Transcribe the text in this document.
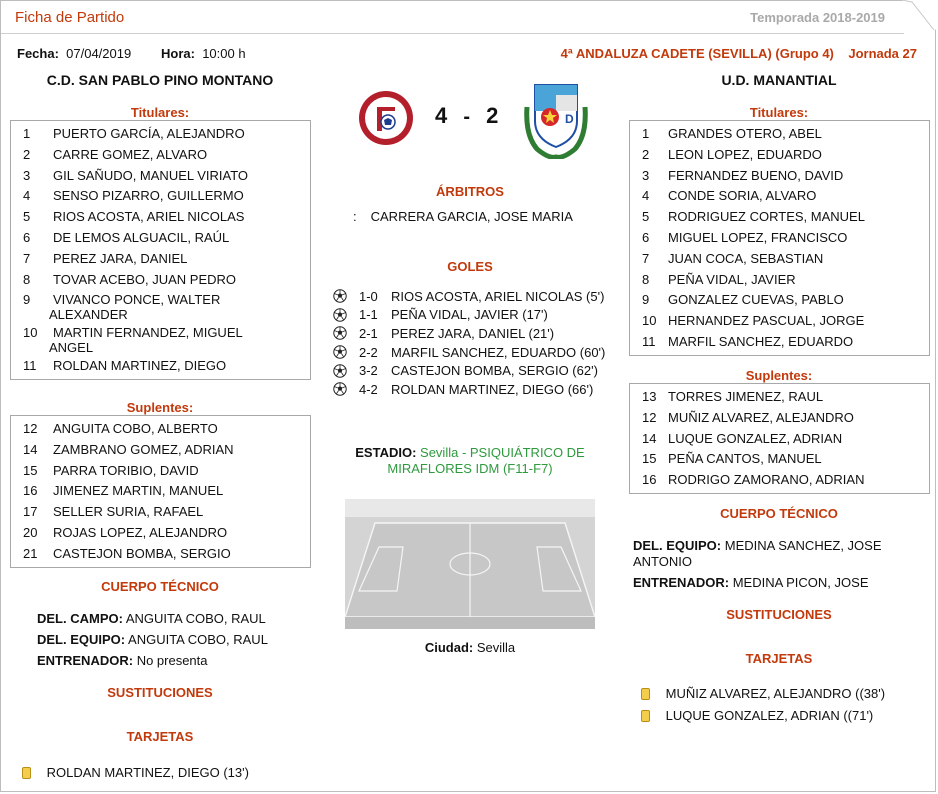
Ficha de Partido	Temporada 2018-2019
Fecha: 07/04/2019 Hora: 10:00 h	4ª ANDALUZA CADETE (SEVILLA) (Grupo 4) Jornada 27
C.D. SAN PABLO PINO MONTANO	U.D. MANANTIAL
Titulares:
1	PUERTO GARCÍA, ALEJANDRO
2	CARRE GOMEZ, ALVARO
3	GIL SAÑUDO, MANUEL VIRIATO
4	SENSO PIZARRO, GUILLERMO
5	RIOS ACOSTA, ARIEL NICOLAS
6	DE LEMOS ALGUACIL, RAÚL
7	PEREZ JARA, DANIEL
8	TOVAR ACEBO, JUAN PEDRO
9	VIVANCO PONCE, WALTER
ALEXANDER
10	MARTIN FERNANDEZ, MIGUEL
ANGEL
11	ROLDAN MARTINEZ, DIEGO
Suplentes:
12	ANGUITA COBO, ALBERTO
14	ZAMBRANO GOMEZ, ADRIAN
15	PARRA TORIBIO, DAVID
16	JIMENEZ MARTIN, MANUEL
17	SELLER SURIA, RAFAEL
20	ROJAS LOPEZ, ALEJANDRO
21	CASTEJON BOMBA, SERGIO
CUERPO TÉCNICO
DEL. CAMPO: ANGUITA COBO, RAUL
DEL. EQUIPO: ANGUITA COBO, RAUL
ENTRENADOR: No presenta
SUSTITUCIONES
TARJETAS
ROLDAN MARTINEZ, DIEGO (13')
4 - 2	D
ÁRBITROS
: CARRERA GARCIA, JOSE MARIA
GOLES
1-0	RIOS ACOSTA, ARIEL NICOLAS (5')
1-1	PEÑA VIDAL, JAVIER (17')
2-1	PEREZ JARA, DANIEL (21')
2-2	MARFIL SANCHEZ, EDUARDO (60')
3-2	CASTEJON BOMBA, SERGIO (62')
4-2	ROLDAN MARTINEZ, DIEGO (66')
ESTADIO: Sevilla - PSIQUIÁTRICO DE MIRAFLORES IDM (F11-F7)
Ciudad: Sevilla
Titulares:
1	GRANDES OTERO, ABEL
2	LEON LOPEZ, EDUARDO
3	FERNANDEZ BUENO, DAVID
4	CONDE SORIA, ALVARO
5	RODRIGUEZ CORTES, MANUEL
6	MIGUEL LOPEZ, FRANCISCO
7	JUAN COCA, SEBASTIAN
8	PEÑA VIDAL, JAVIER
9	GONZALEZ CUEVAS, PABLO
10 HERNANDEZ PASCUAL, JORGE
11 MARFIL SANCHEZ, EDUARDO
Suplentes:
13 TORRES JIMENEZ, RAUL
12 MUÑIZ ALVAREZ, ALEJANDRO
14 LUQUE GONZALEZ, ADRIAN
15 PEÑA CANTOS, MANUEL
16 RODRIGO ZAMORANO, ADRIAN
CUERPO TÉCNICO
DEL. EQUIPO: MEDINA SANCHEZ, JOSE
ANTONIO
ENTRENADOR: MEDINA PICON, JOSE
SUSTITUCIONES
TARJETAS
MUÑIZ ALVAREZ, ALEJANDRO ((38')
LUQUE GONZALEZ, ADRIAN ((71')
